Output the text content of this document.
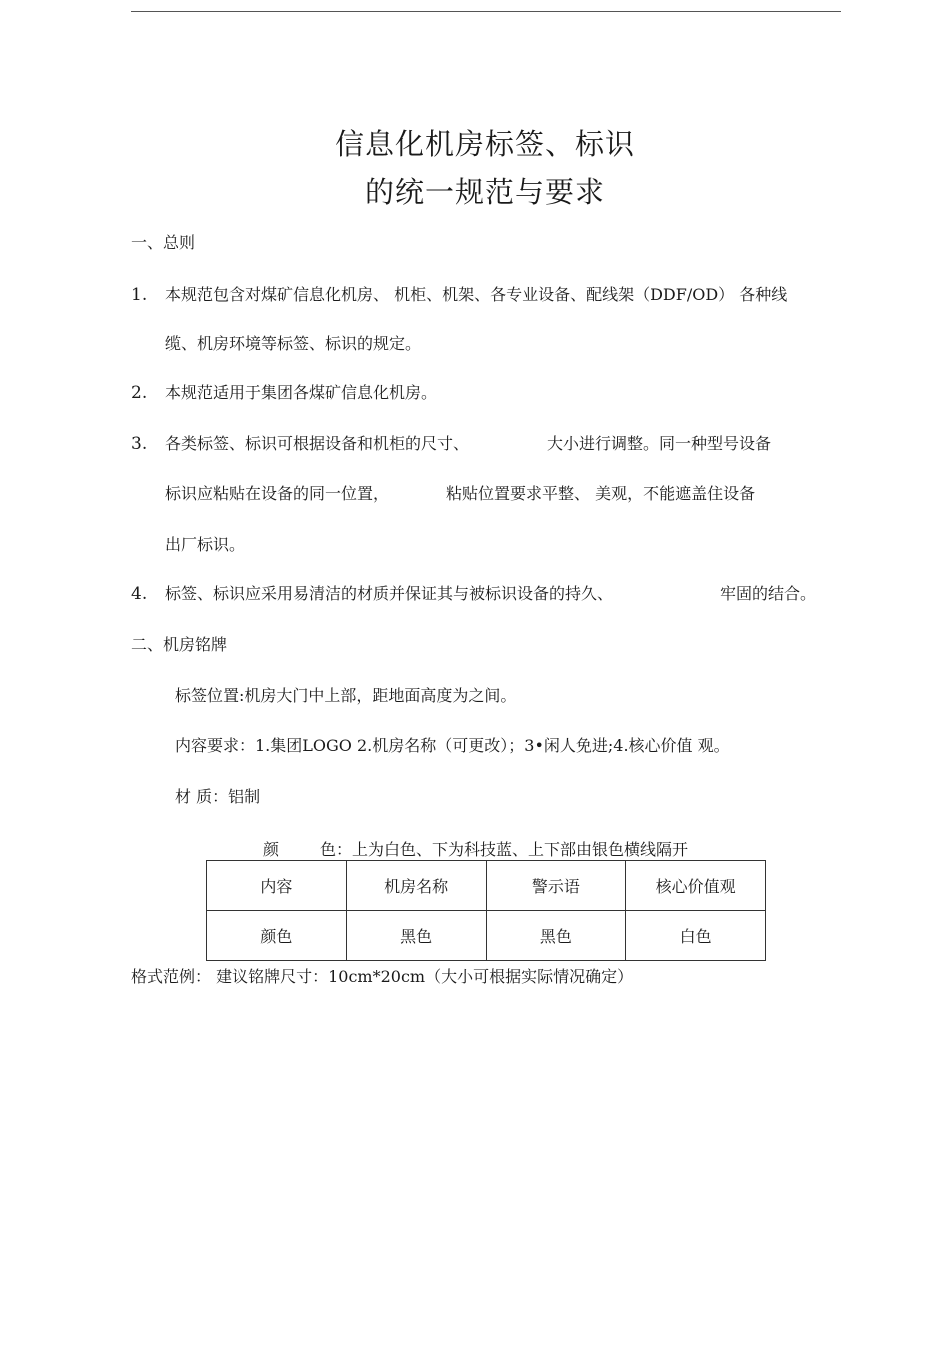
信息化机房标签、标识
的统一规范与要求
一、总则
1. 本规范包含对煤矿信息化机房、 机柜、机架、各专业设备、配线架（DDF/OD） 各种线
缆、机房环境等标签、标识的规定。
2. 本规范适用于集团各煤矿信息化机房。
3. 各类标签、标识可根据设备和机柜的尺寸、	大小进行调整。同一种型号设备
标识应粘贴在设备的同一位置，	粘贴位置要求平整、 美观，不能遮盖住设备
出厂标识。
4. 标签、标识应采用易清洁的材质并保证其与被标识设备的持久、	牢固的结合。
二、机房铭牌
标签位置:机房大门中上部，距地面高度为之间。
内容要求：1.集团LOGO 2.机房名称（可更改）；3•闲人免进;4.核心价值 观。
材 质：铝制
颜	色：上为白色、下为科技蓝、上下部由银色横线隔开
内容	机房名称	警示语	核心价值观
颜色	黑色	黑色	白色
格式范例： 建议铭牌尺寸：10cm*20cm（大小可根据实际情况确定）
